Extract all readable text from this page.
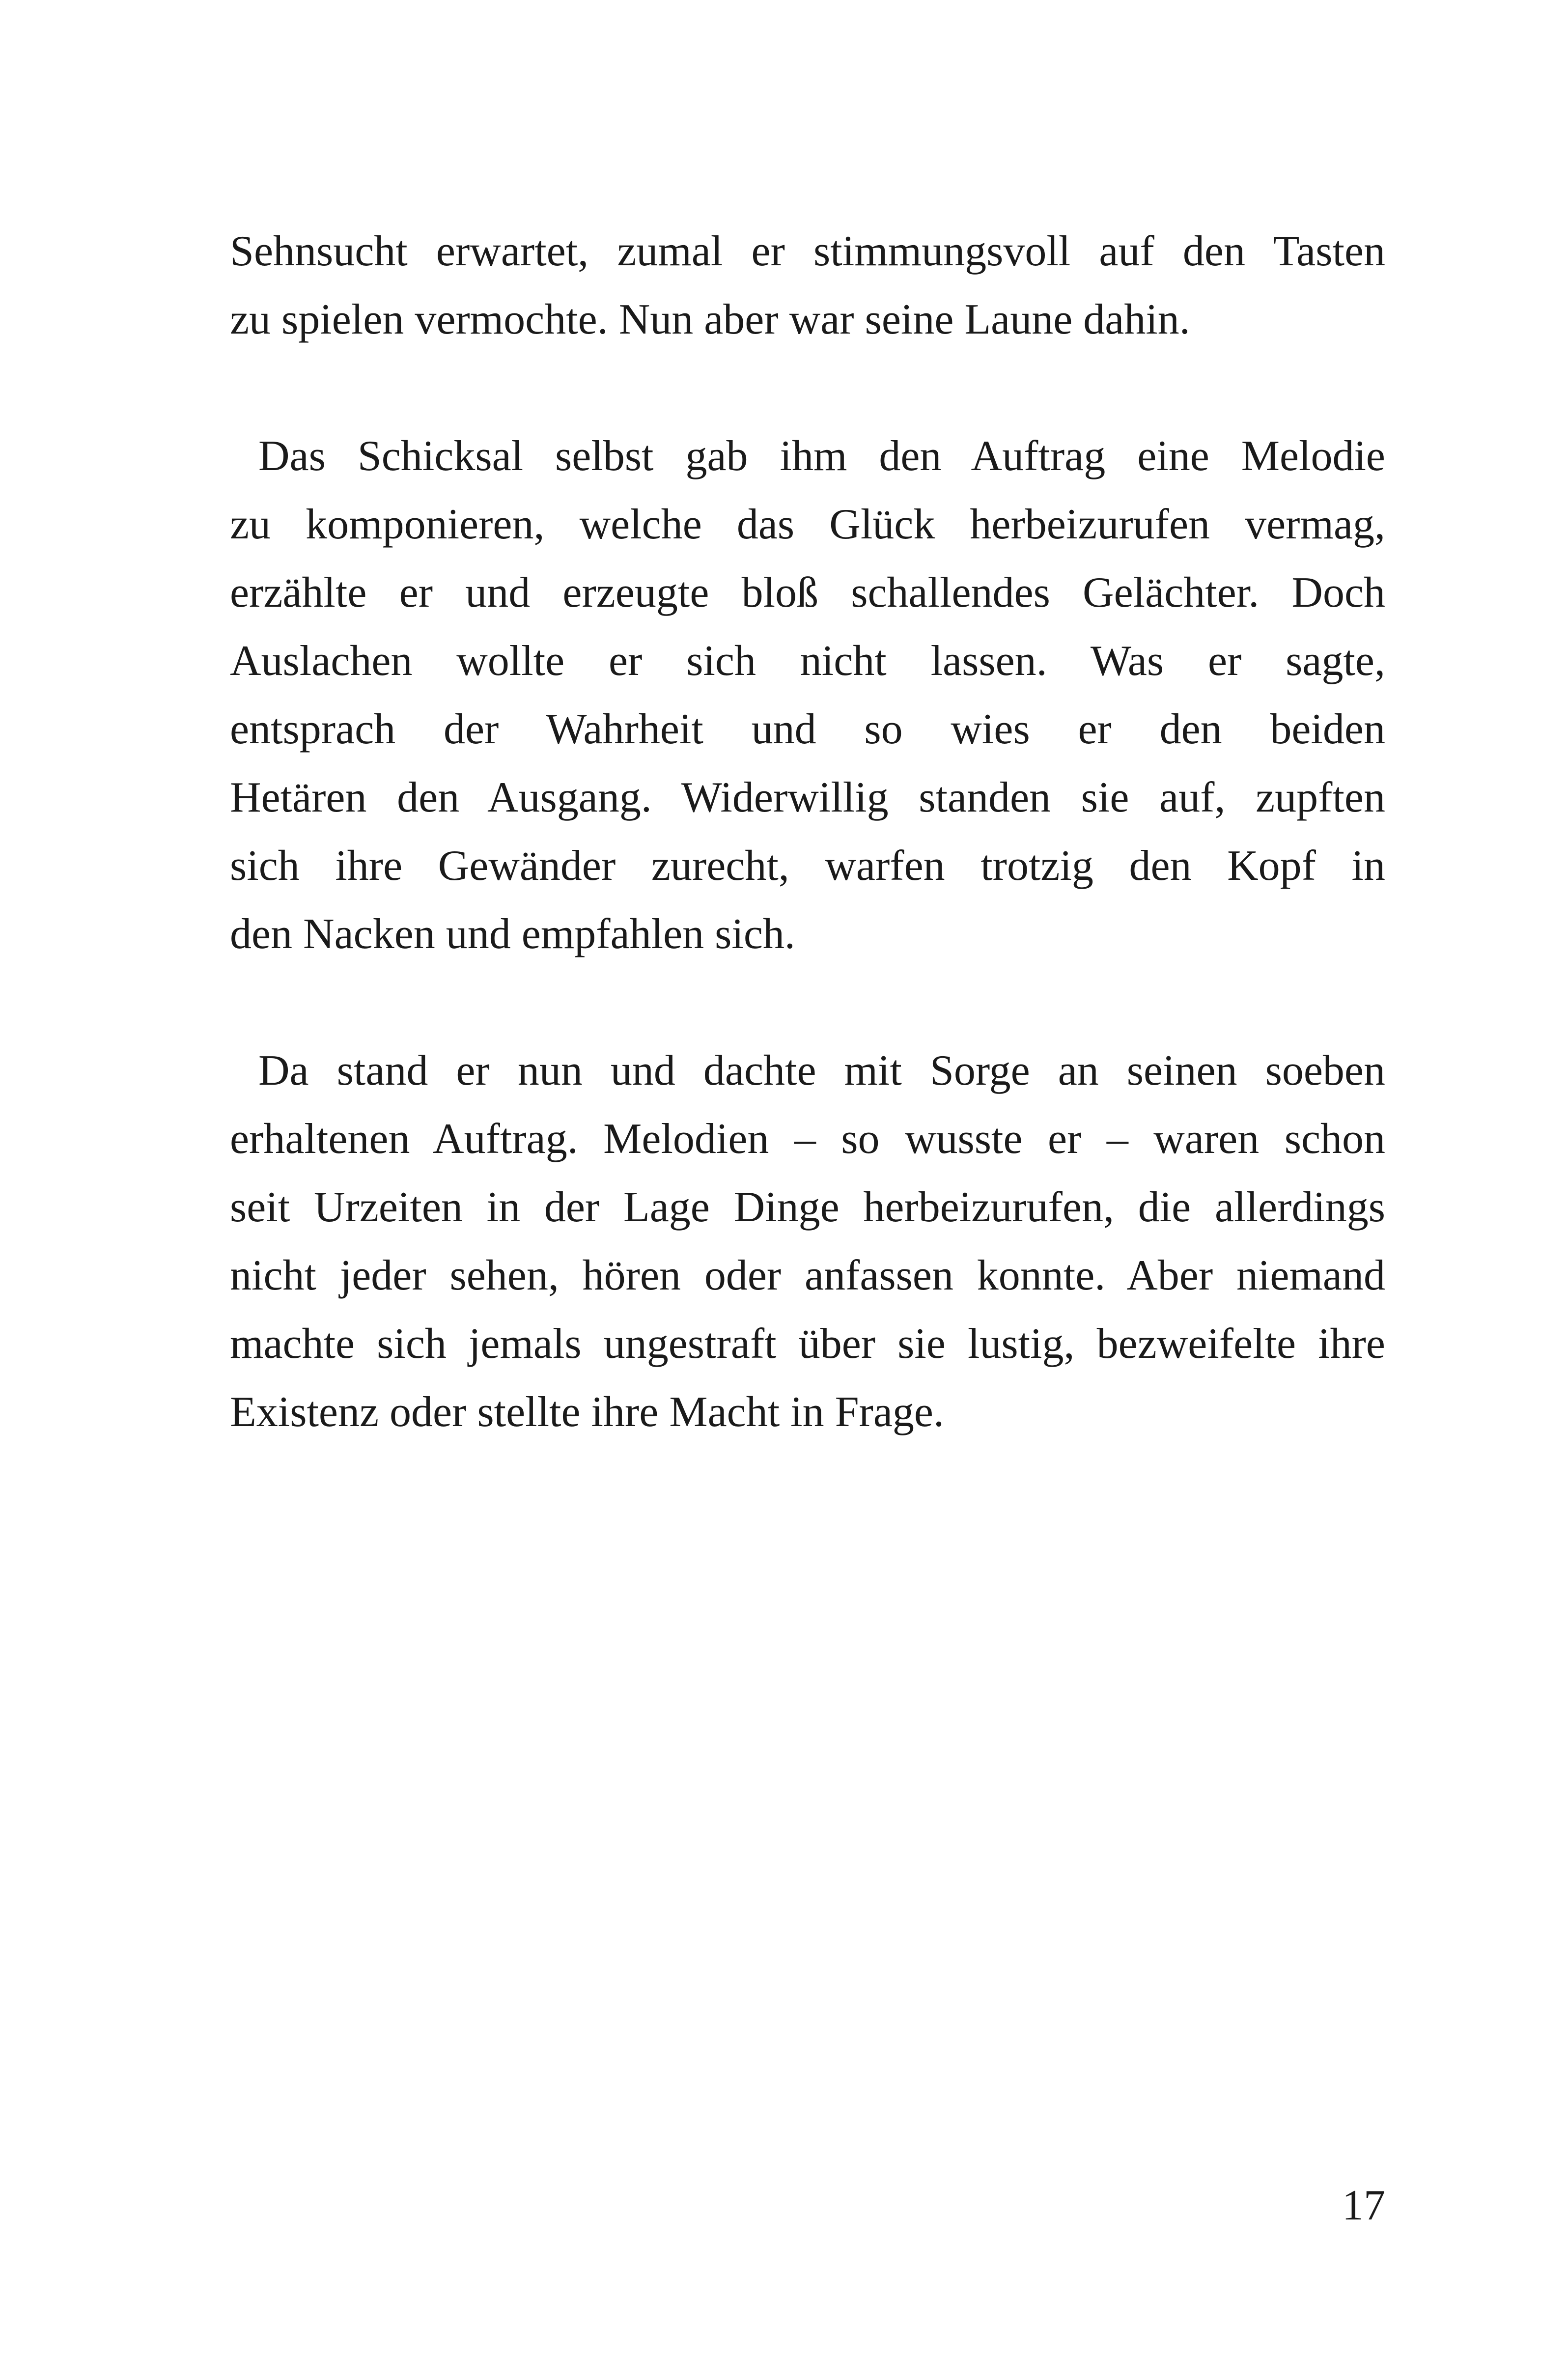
Sehnsucht erwartet, zumal er stimmungsvoll auf den Tasten
zu spielen vermochte. Nun aber war seine Laune dahin.
Das Schicksal selbst gab ihm den Auftrag eine Melodie
zu komponieren, welche das Glück herbeizurufen vermag,
erzählte er und erzeugte bloß schallendes Gelächter. Doch
Auslachen wollte er sich nicht lassen. Was er sagte,
entsprach der Wahrheit und so wies er den beiden
Hetären den Ausgang. Widerwillig standen sie auf, zupften
sich ihre Gewänder zurecht, warfen trotzig den Kopf in
den Nacken und empfahlen sich.
Da stand er nun und dachte mit Sorge an seinen soeben
erhaltenen Auftrag. Melodien – so wusste er – waren schon
seit Urzeiten in der Lage Dinge herbeizurufen, die allerdings
nicht jeder sehen, hören oder anfassen konnte. Aber niemand
machte sich jemals ungestraft über sie lustig, bezweifelte ihre
Existenz oder stellte ihre Macht in Frage.
17
